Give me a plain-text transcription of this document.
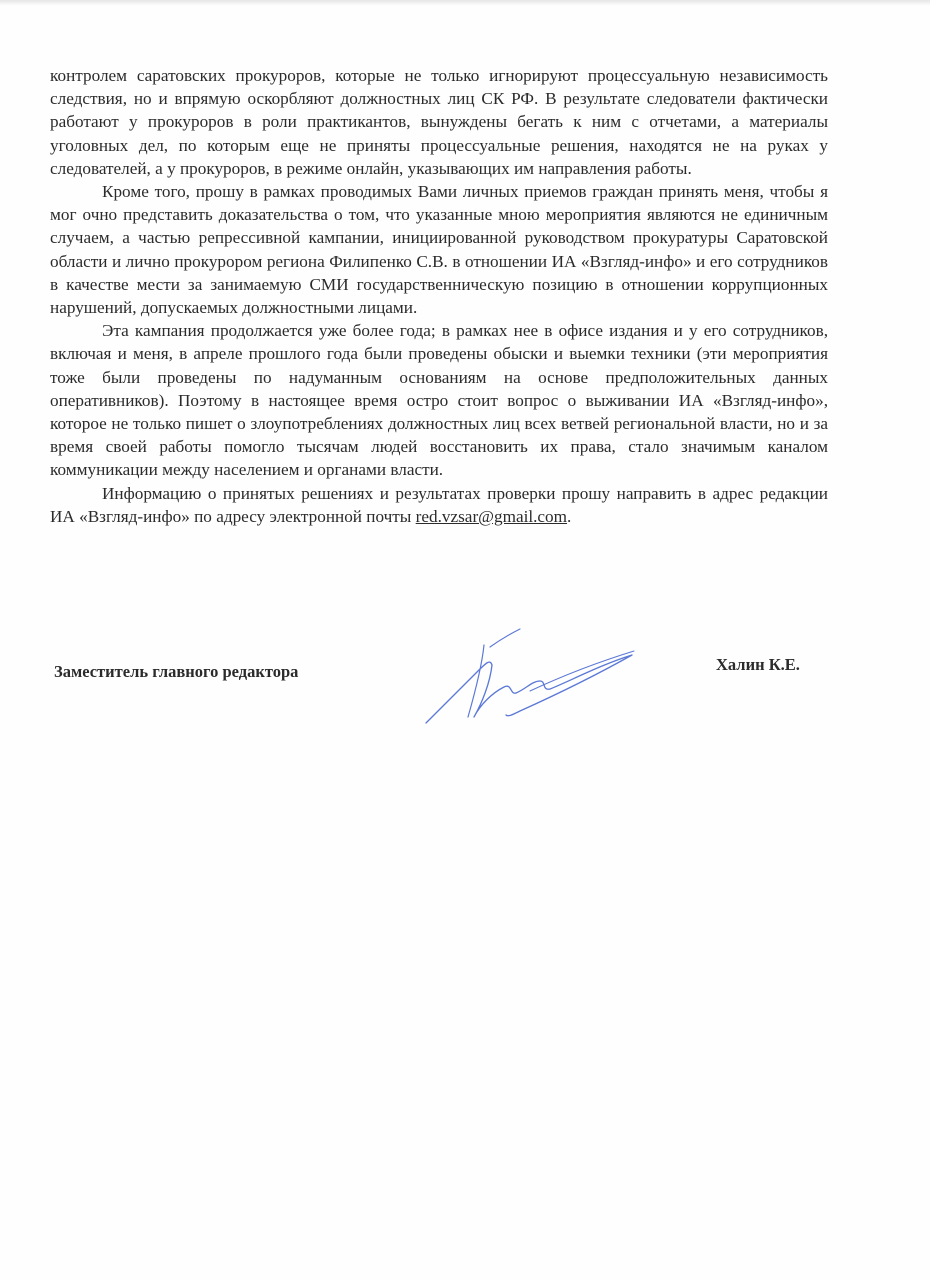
контролем саратовских прокуроров, которые не только игнорируют процессуальную независимость следствия, но и впрямую оскорбляют должностных лиц СК РФ. В результате следователи фактически работают у прокуроров в роли практикантов, вынуждены бегать к ним с отчетами, а материалы уголовных дел, по которым еще не приняты процессуальные решения, находятся не на руках у следователей, а у прокуроров, в режиме онлайн, указывающих им направления работы.

Кроме того, прошу в рамках проводимых Вами личных приемов граждан принять меня, чтобы я мог очно представить доказательства о том, что указанные мною мероприятия являются не единичным случаем, а частью репрессивной кампании, инициированной руководством прокуратуры Саратовской области и лично прокурором региона Филипенко С.В. в отношении ИА «Взгляд-инфо» и его сотрудников в качестве мести за занимаемую СМИ государственническую позицию в отношении коррупционных нарушений, допускаемых должностными лицами.

Эта кампания продолжается уже более года; в рамках нее в офисе издания и у его сотрудников, включая и меня, в апреле прошлого года были проведены обыски и выемки техники (эти мероприятия тоже были проведены по надуманным основаниям на основе предположительных данных оперативников). Поэтому в настоящее время остро стоит вопрос о выживании ИА «Взгляд-инфо», которое не только пишет о злоупотреблениях должностных лиц всех ветвей региональной власти, но и за время своей работы помогло тысячам людей восстановить их права, стало значимым каналом коммуникации между населением и органами власти.

Информацию о принятых решениях и результатах проверки прошу направить в адрес редакции ИА «Взгляд-инфо» по адресу электронной почты red.vzsar@gmail.com.

Заместитель главного редактора	Халин К.Е.
